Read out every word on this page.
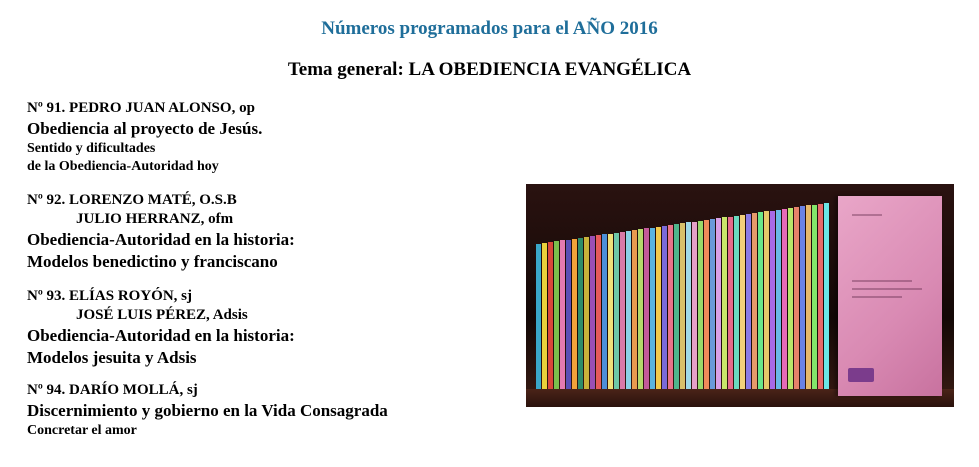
Números programados para el AÑO 2016
Tema general: LA OBEDIENCIA EVANGÉLICA
Nº 91. PEDRO JUAN ALONSO, op
Obediencia al proyecto de Jesús.
Sentido y dificultades
de la Obediencia-Autoridad hoy
Nº 92. LORENZO MATÉ, O.S.B
JULIO HERRANZ, ofm
Obediencia-Autoridad en la historia:
Modelos benedictino y franciscano
Nº 93. ELÍAS ROYÓN, sj
JOSÉ LUIS PÉREZ, Adsis
Obediencia-Autoridad en la historia:
Modelos jesuita y Adsis
Nº 94. DARÍO MOLLÁ, sj
Discernimiento y gobierno en la Vida Consagrada
Concretar el amor
